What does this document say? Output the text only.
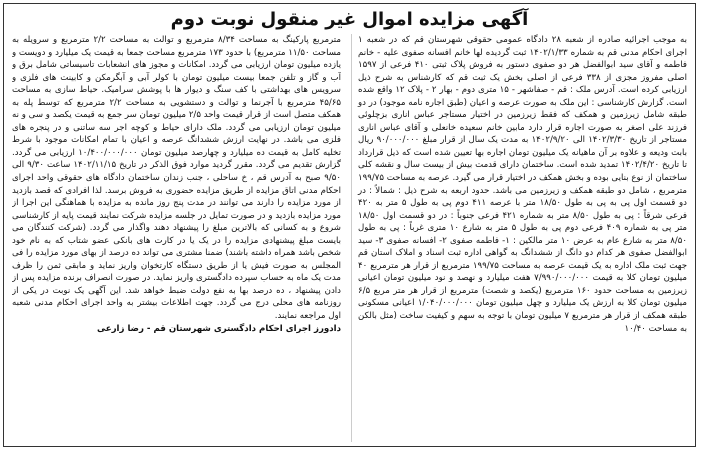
آگهی مزایده اموال غیر منقول نوبت دوم
به موجب اجرائیه صادره از شعبه ۲۸ دادگاه عمومی حقوقی شهرستان قم که در شعبه ۱ اجرای احکام مدنی قم به شماره ۱۴۰۲/۱/۳۳ ثبت گردیده لها خانم افسانه صفوی علیه - خانم فاطمه و آقای سید ابوالفضل هر دو صفوی دستور به فروش پلاک ثبتی ۴۱۰ فرعی از ۱۵۹۷ اصلی مفروز مجزی از ۳۳۸ فرعی از اصلی بخش یک ثبت قم که کارشناس به شرح ذیل ارزیابی کرده است. آدرس ملک : قم - صفاشهر - ۱۵ متری دوم - بهار ۲ - پلاک ۱۲ واقع شده است. گزارش کارشناسی : این ملک به صورت عرصه و اعیان (طبق اجاره نامه موجود) در دو طبقه شامل زیرزمین و همکف که فقط زیرزمین در اختیار مستاجر عباس اناری بزچلوئی فرزند علی اصغر به صورت اجاره قرار دارد مابین خانم سعیده خانعلی و آقای عباس اناری مستاجر از تاریخ ۱۴۰۲/۳/۳۰ الی ۱۴۰۲/۹/۲۰ به مدت یک سال از قرار مبلغ ۹۰/۰۰۰/۰۰۰ ریال بابت ودیعه و علاوه بر آن ماهیانه یک میلیون تومان اجاره بها تعیین شده است که ذیل قرارداد تا تاریخ ۱۴۰۲/۴/۲۰ تمدید شده است. ساختمان دارای قدمت بیش از بیست سال و نقشه کلی ساختمان از نوع بنایی بوده و بخش همکف در اختیار قرار می گیرد. عرصه به مساحت ۱۹۹/۷۵ مترمربع ، شامل دو طبقه همکف و زیرزمین می باشد. حدود اربعه به شرح ذیل : شمالاً : در دو قسمت اول پی به پی به طول ۱۸/۵۰ متر با عرصه ۴۱۱ دوم پی به طول ۵ متر به ۴۲۰ فرعی شرقاً : پی به طول ۸/۵۰ متر به شماره ۴۲۱ فرعی جنوباً : در دو قسمت اول ۱۸/۵۰ متر پی به شماره ۴۰۹ فرعی دوم پی به طول ۵ متر به شارع ۱۰ متری غرباً : پی به طول ۸/۵۰ متر به شارع عام به عرض ۱۰ متر مالکین : ۱- فاطمه صفوی ۲- افسانه صفوی ۳- سید ابوالفضل صفوی هر کدام دو دانگ از ششدانگ به گواهی اداره ثبت اسناد و املاک استان قم جهت ثبت ملک اداره به یک قیمت عرصه به مساحت ۱۹۹/۷۵ مترمربع از قرار هر مترمربع ۴۰ میلیون تومان کلا به قیمت ۷/۹۹۰/۰۰۰/۰۰۰ هفت میلیارد و نهصد و نود میلیون تومان اعیانی زیرزمین به مساحت حدود ۱۶۰ مترمربع (یکصد و شصت) مترمربع از قرار هر متر مربع ۶/۵ میلیون تومان کلا به ارزش یک میلیارد و چهل میلیون تومان ۱/۰۴۰/۰۰۰/۰۰۰ اعیانی مسکونی طبقه همکف از قرار هر مترمربع ۷ میلیون تومان با توجه به سهم و کیفیت ساخت (مثل بالکن به مساحت ۱۰/۴۰
مترمربع پارکینگ به مساحت ۸/۳۴ مترمربع و توالت به مساحت ۲/۲ مترمربع و سرویله به مساحت ۱۱/۵۰ مترمربع) با حدود ۱۷۳ مترمربع مساحت جمعا به قیمت یک میلیارد و دویست و یازده میلیون تومان ارزیابی می گردد. امکانات و مجوز های انشعابات تاسیساتی شامل برق و آب و گاز و تلفن جمعا بیست میلیون تومان با کولر آبی و آبگرمکن و کابینت های فلزی و سرویس های بهداشتی با کف سنگ و دیوار ها با پوشش سرامیک. حیاط سازی به مساحت ۴۵/۶۵ مترمربع با آجرنما و توالت و دستشویی به مساحت ۲/۲ مترمربع که توسط پله به همکف متصل است از قرار قیمت واحد ۲/۵ میلیون تومان سر جمع به قیمت یکصد و سی و نه میلیون تومان ارزیابی می گردد. ملک دارای حیاط و کوچه اجر سه ساتنی و در پنجره های فلزی می باشد. در نهایت ارزش ششدانگ عرصه و اعیان با تمام امکانات موجود با شرط تخلیه کامل به قیمت ده میلیارد و چهارصد میلیون تومان ۱۰/۴۰۰/۰۰۰/۰۰۰ ارزیابی می گردد. گزارش تقدیم می گردد. مقرر گردید موارد فوق الذکر در تاریخ ۱۴۰۲/۱۱/۱۵ ساعت ۹/۳۰ الی ۹/۵۰ صبح به آدرس قم ، خ ساحلی ، جنب زندان ساختمان دادگاه های حقوقی واحد اجرای احکام مدنی اتاق مزایده از طریق مزایده حضوری به فروش برسد. لذا افرادی که قصد بازدید از مورد مزایده را دارند می توانند در مدت پنج روز مانده به مزایده با هماهنگی این اجرا از مورد مزایده بازدید و در صورت تمایل در جلسه مزایده شرکت نمایند قیمت پایه از کارشناسی شروع و به کسانی که بالاترین مبلغ را پیشنهاد دهند واگذار می گردد. (شرکت کنندگان می بایست مبلغ پیشنهادی مزایده را در یک یا در کارت های بانکی عضو شتاب که به نام خود شخص باشد همراه داشته باشند) ضمنا مشتری می تواند ده درصد از بهای مورد مزایده را فی المجلس به صورت فیش یا از طریق دستگاه کارتخوان واریز نماید و مابقی ثمن را ظرف مدت یک ماه به حساب سپرده دادگستری واریز نماید. در صورت انصراف برنده مزایده پس از دادن پیشنهاد ، ده درصد بها به نفع دولت ضبط خواهد شد. این آگهی یک نوبت در یکی از روزنامه های محلی درج می گردد. جهت اطلاعات بیشتر به واحد اجرای احکام مدنی شعبه اول مراجعه نمایند.
دادورز اجرای احکام دادگستری شهرستان قم - رضا زارعی
